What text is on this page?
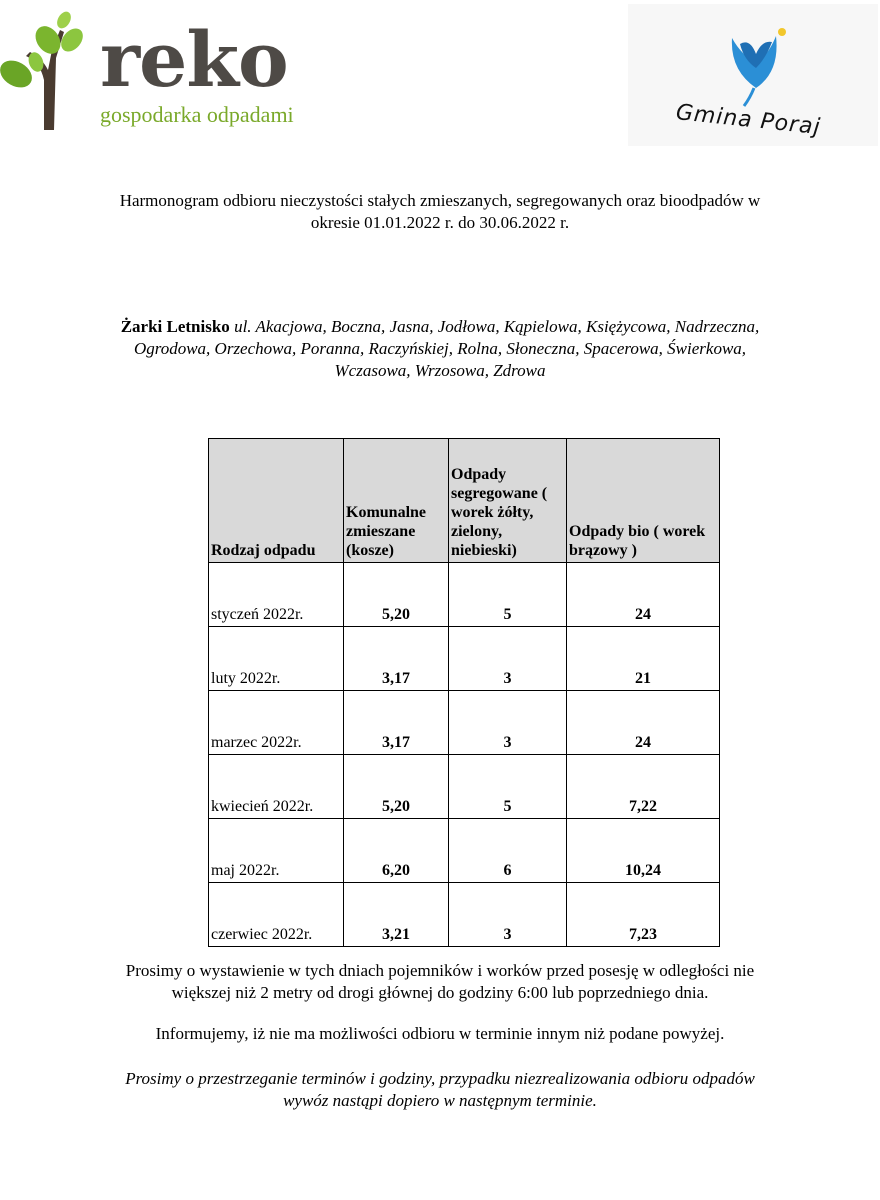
reko
gospodarka odpadami	Gmina Poraj
Harmonogram odbioru nieczystości stałych zmieszanych, segregowanych oraz bioodpadów w
okresie 01.01.2022 r. do 30.06.2022 r.
Żarki Letnisko ul. Akacjowa, Boczna, Jasna, Jodłowa, Kąpielowa, Księżycowa, Nadrzeczna,
Ogrodowa, Orzechowa, Poranna, Raczyńskiej, Rolna, Słoneczna, Spacerowa, Świerkowa,
Wczasowa, Wrzosowa, Zdrowa
Rodzaj odpadu	Komunalne zmieszane (kosze)	Odpady segregowane ( worek żółty, zielony, niebieski)	Odpady bio ( worek brązowy )
styczeń 2022r.	5,20	5	24
luty 2022r.	3,17	3	21
marzec 2022r.	3,17	3	24
kwiecień 2022r.	5,20	5	7,22
maj 2022r.	6,20	6	10,24
czerwiec 2022r.	3,21	3	7,23
Prosimy o wystawienie w tych dniach pojemników i worków przed posesję w odległości nie
większej niż 2 metry od drogi głównej do godziny 6:00 lub poprzedniego dnia.
Informujemy, iż nie ma możliwości odbioru w terminie innym niż podane powyżej.
Prosimy o przestrzeganie terminów i godziny, przypadku niezrealizowania odbioru odpadów
wywóz nastąpi dopiero w następnym terminie.
